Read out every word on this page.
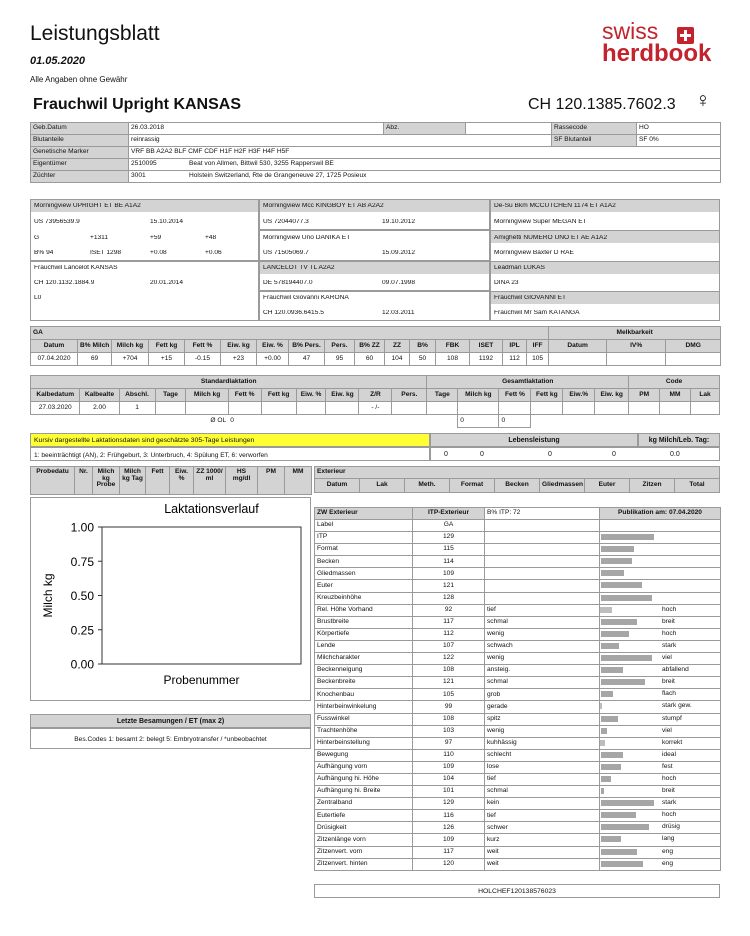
Leistungsblatt
01.05.2020
Alle Angaben ohne Gewähr
swiss
herdbook
Frauchwil Upright KANSAS	CH 120.1385.7602.3 ♀
Geb.Datum	26.03.2018	Abz.		Rassecode	HO
Blutanteile	reinrassig			SF Blutanteil	SF 0%
Genetische Marker	VRF BB A2A2 BLF CMF CDF H1F H2F H3F H4F H5F				
Eigentümer	2510095 Beat von Allmen, Bittwil 530, 3255 Rapperswil BE				
Züchter	3001 Holstein Switzerland, Rte de Grangeneuve 27, 1725 Posieux				
Morningview UPRIGHT ET BE A1A2
US 73956539.9	15.10.2014
G	+1311	+59	+48
B% 94	ISET 1298	+0.08	+0.06
Frauchwil Lancelot KANSAS
CH 120.1132.1884.9	20.01.2014
L0
Morningview Mcc KINGBOY ET AB A2A2
US 72044077.3	19.10.2012
Morningview Uno DANIKA ET
US 71505069.7	15.09.2012
LANCELOT TV TL A2A2
DE 578194407.0	09.07.1998
Frauchwil Giovanni KARONA
CH 120.0936.6415.5	12.03.2011
De-Su Bkm MCCUTCHEN 1174 ET A1A2
Morningview Super MEGAN ET
Amighetti NUMERO UNO ET AE A1A2
Morningview Baxter D RAE
Leadman LUKAS
DINA 23
Frauchwil GIOVANNI ET
Frauchwil Mr Sam KATANGA
GA																Melkbarkeit		
Datum	B% Milch	Milch kg	Fett kg	Fett %	Eiw. kg	Eiw. %	B% Pers.	Pers.	B% ZZ	ZZ	B%	FBK	ISET	IPL	IFF	Datum	IV%	DMG
07.04.2020	69	+704	+15	-0.15	+23	+0.00	47	95	60	104	50	108	1192	112	105			
Standardlaktation											Gesamtlaktation						Code		
Kalbedatum	Kalbealte	Abschl.	Tage	Milch kg	Fett %	Fett kg	Eiw. %	Eiw. kg	Z/R	Pers.	Tage	Milch kg	Fett %	Fett kg	Eiw.%	Eiw. kg	PM	MM	Lak
27.03.2020	2.00	1							- /-										
				Ø OL	0							0	0						
Kursiv dargestellte Laktationsdaten sind geschätzte 305-Tage Leistungen	Lebensleistung	kg Milch/Leb. Tag:
1: beeinträchtigt (AN), 2: Frühgeburt, 3: Unterbruch, 4: Spülung ET, 6: verworfen	0	0	0	0	0.0
Probedatu	Nr.	Milch kg Probe	Milch kg Tag	Fett	Eiw. %	ZZ 1000/ ml	HS mg/dl	PM	MM
Laktationsverlauf
1.00
0.75
0.50
0.25
0.00
Probenummer
Milch kg
Letzte Besamungen / ET (max 2)
Bes.Codes 1: besamt 2: belegt 5: Embryotransfer / *unbeobachtet
Exterieur
Datum	Lak	Meth.	Format	Becken	Gliedmassen	Euter	Zitzen	Total
ZW Exterieur	ITP-Exterieur	B% ITP: 72	Publikation am: 07.04.2020
Label	GA		

ITP	129		

Format	115		

Becken	114		

Gliedmassen	109		

Euter	121		

Kreuzbeinhöhe	128		

Rel. Höhe Vorhand	92	tief	hoch

Brustbreite	117	schmal	breit

Körpertiefe	112	wenig	hoch

Lende	107	schwach	stark

Milchcharakter	122	wenig	viel

Beckenneigung	108	ansteig.	abfallend

Beckenbreite	121	schmal	breit

Knochenbau	105	grob	flach

Hinterbeinwinkelung	99	gerade	stark gew.

Fusswinkel	108	spitz	stumpf

Trachtenhöhe	103	wenig	viel

Hinterbeinstellung	97	kuhhässig	korrekt

Bewegung	110	schlecht	ideal

Aufhängung vorn	109	lose	fest

Aufhängung hi. Höhe	104	tief	hoch

Aufhängung hi. Breite	101	schmal	breit

Zentralband	129	kein	stark

Eutertiefe	116	tief	hoch

Drüsigkeit	126	schwer	drüsig

Zitzenlänge vorn	109	kurz	lang

Zitzenvert. vorn	117	weit	eng

Zitzenvert. hinten	120	weit	eng
HOLCHEF120138576023
